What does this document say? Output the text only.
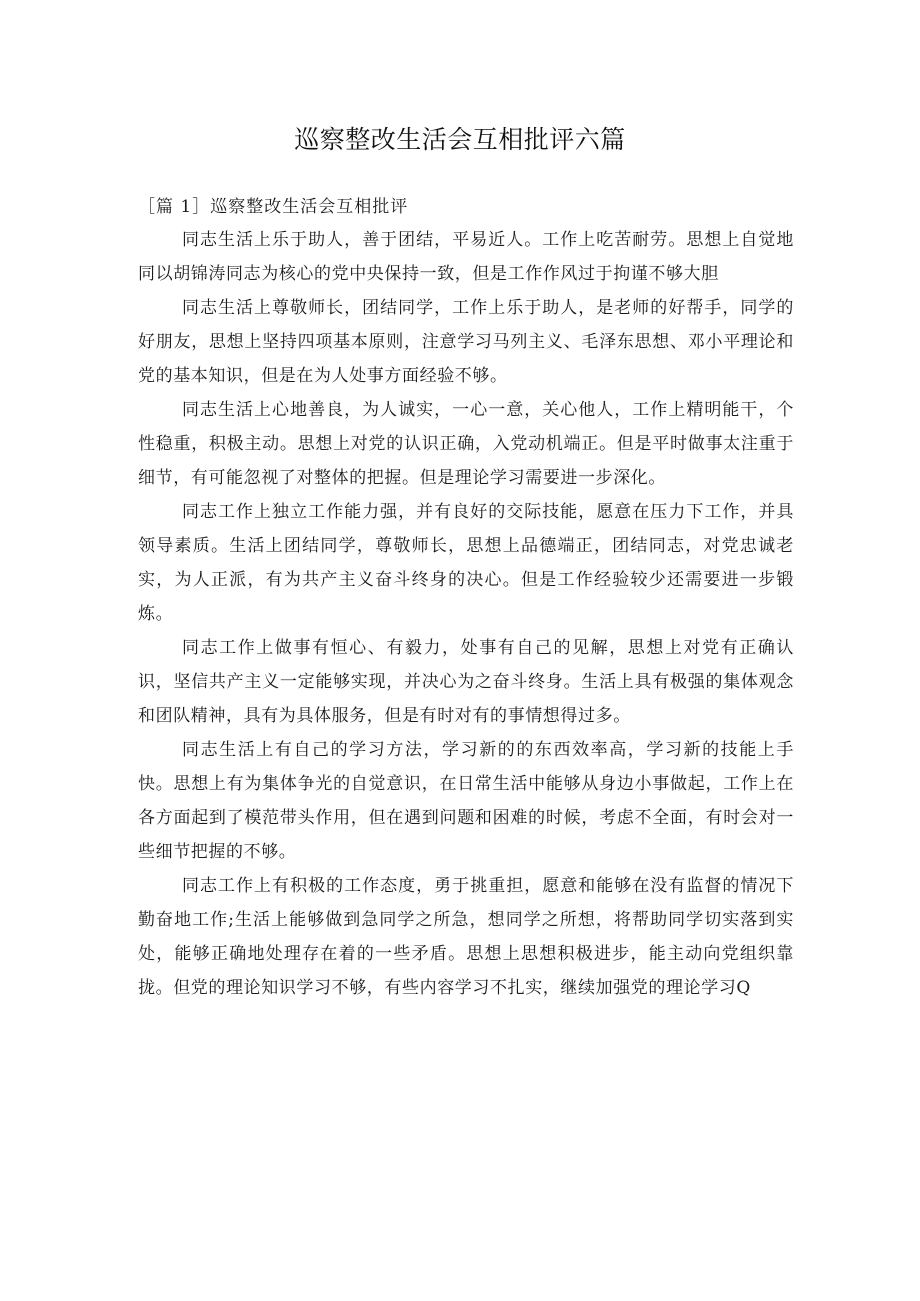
巡察整改生活会互相批评六篇
［篇 1］巡察整改生活会互相批评

同志生活上乐于助人，善于团结，平易近人。工作上吃苦耐劳。思想上自觉地同以胡锦涛同志为核心的党中央保持一致，但是工作作风过于拘谨不够大胆

同志生活上尊敬师长，团结同学，工作上乐于助人，是老师的好帮手，同学的好朋友，思想上坚持四项基本原则，注意学习马列主义、毛泽东思想、邓小平理论和党的基本知识，但是在为人处事方面经验不够。

同志生活上心地善良，为人诚实，一心一意，关心他人，工作上精明能干，个性稳重，积极主动。思想上对党的认识正确，入党动机端正。但是平时做事太注重于细节，有可能忽视了对整体的把握。但是理论学习需要进一步深化。

同志工作上独立工作能力强，并有良好的交际技能，愿意在压力下工作，并具领导素质。生活上团结同学，尊敬师长，思想上品德端正，团结同志，对党忠诚老实，为人正派，有为共产主义奋斗终身的决心。但是工作经验较少还需要进一步锻炼。

同志工作上做事有恒心、有毅力，处事有自己的见解，思想上对党有正确认识，坚信共产主义一定能够实现，并决心为之奋斗终身。生活上具有极强的集体观念和团队精神，具有为具体服务，但是有时对有的事情想得过多。

同志生活上有自己的学习方法，学习新的的东西效率高，学习新的技能上手快。思想上有为集体争光的自觉意识，在日常生活中能够从身边小事做起，工作上在各方面起到了模范带头作用，但在遇到问题和困难的时候，考虑不全面，有时会对一些细节把握的不够。

同志工作上有积极的工作态度，勇于挑重担，愿意和能够在没有监督的情况下勤奋地工作;生活上能够做到急同学之所急，想同学之所想，将帮助同学切实落到实处，能够正确地处理存在着的一些矛盾。思想上思想积极进步，能主动向党组织靠拢。但党的理论知识学习不够，有些内容学习不扎实，继续加强党的理论学习Q
